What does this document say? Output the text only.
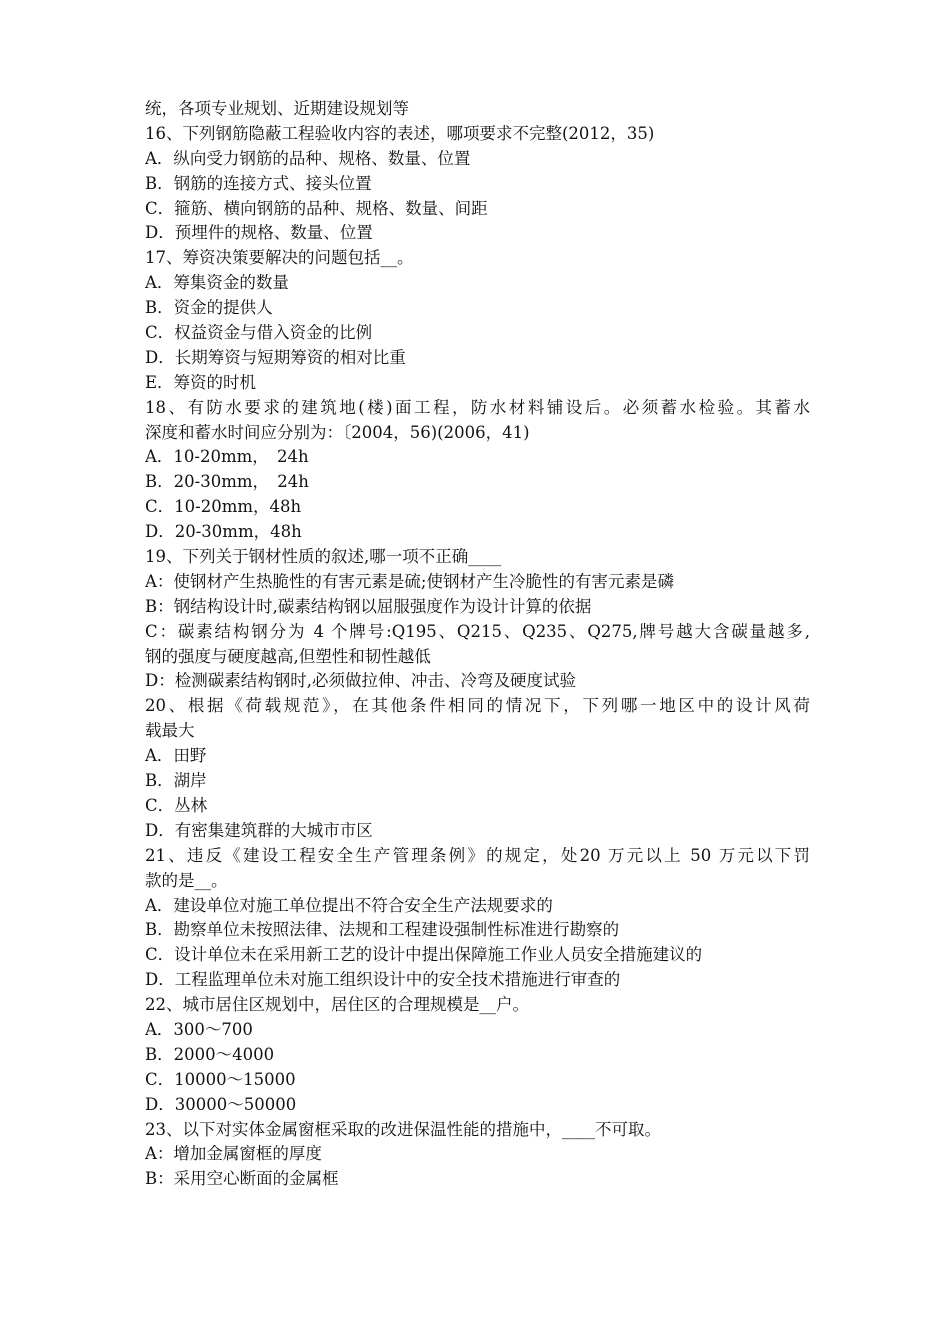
统，各项专业规划、近期建设规划等
16、下列钢筋隐蔽工程验收内容的表述，哪项要求不完整(2012，35)
A．纵向受力钢筋的品种、规格、数量、位置
B．钢筋的连接方式、接头位置
C．箍筋、横向钢筋的品种、规格、数量、间距
D．预埋件的规格、数量、位置
17、筹资决策要解决的问题包括__。
A．筹集资金的数量
B．资金的提供人
C．权益资金与借入资金的比例
D．长期筹资与短期筹资的相对比重
E．筹资的时机
18、有防水要求的建筑地(楼)面工程，防水材料铺设后。必须蓄水检验。其蓄水
深度和蓄水时间应分别为：〔2004，56)(2006，41)
A．10-20mm，　24h
B．20-30mm，　24h
C．10-20mm，48h
D．20-30mm，48h
19、下列关于钢材性质的叙述,哪一项不正确____
A：使钢材产生热脆性的有害元素是硫;使钢材产生冷脆性的有害元素是磷
B：钢结构设计时,碳素结构钢以屈服强度作为设计计算的依据
C：碳素结构钢分为 4 个牌号:Q195、Q215、Q235、Q275,牌号越大含碳量越多,
钢的强度与硬度越高,但塑性和韧性越低
D：检测碳素结构钢时,必须做拉伸、冲击、冷弯及硬度试验
20、根据《荷载规范》，在其他条件相同的情况下，下列哪一地区中的设计风荷
载最大
A．田野
B．湖岸
C．丛林
D．有密集建筑群的大城市市区
21、违反《建设工程安全生产管理条例》的规定，处20 万元以上 50 万元以下罚
款的是__。
A．建设单位对施工单位提出不符合安全生产法规要求的
B．勘察单位未按照法律、法规和工程建设强制性标准进行勘察的
C．设计单位未在采用新工艺的设计中提出保障施工作业人员安全措施建议的
D．工程监理单位未对施工组织设计中的安全技术措施进行审查的
22、城市居住区规划中，居住区的合理规模是__户。
A．300～700
B．2000～4000
C．10000～15000
D．30000～50000
23、以下对实体金属窗框采取的改进保温性能的措施中，____不可取。
A：增加金属窗框的厚度
B：采用空心断面的金属框
